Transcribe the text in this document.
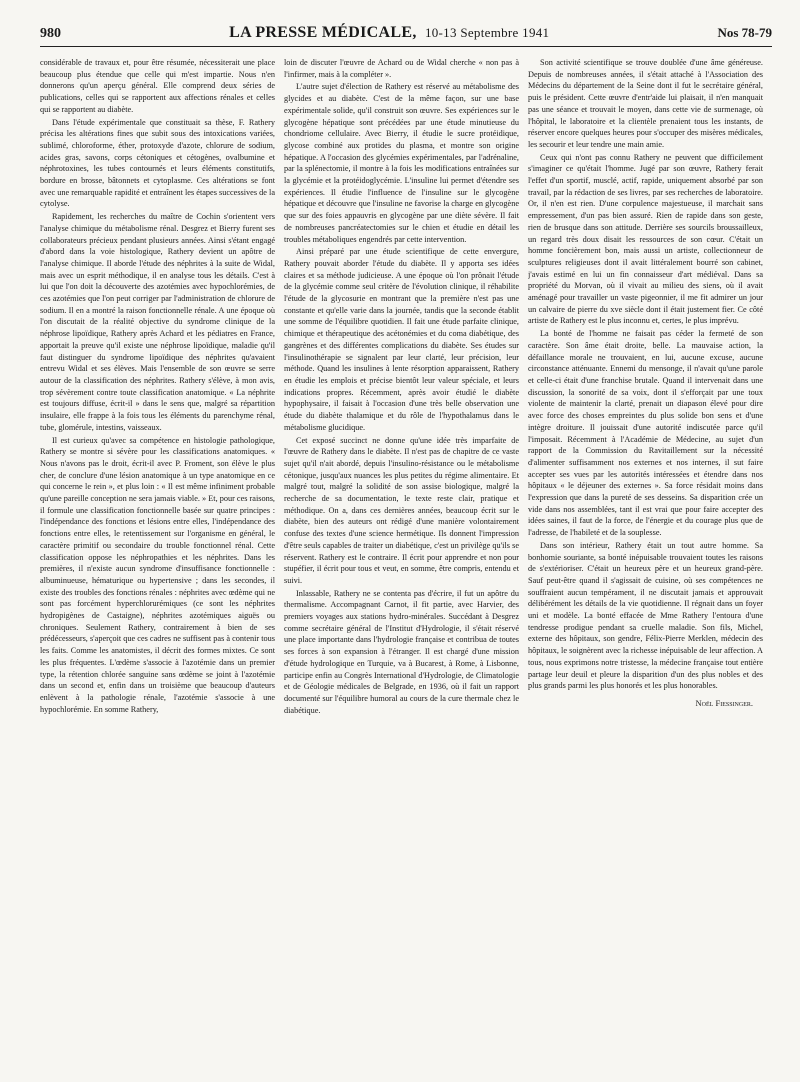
980	LA PRESSE MÉDICALE, 10-13 Septembre 1941	Nos 78-79

considérable de travaux et, pour être résumée, nécessiterait une place beaucoup plus étendue que celle qui m'est impartie. Nous n'en donnerons qu'un aperçu général. Elle comprend deux séries de publications, celles qui se rapportent aux affections rénales et celles qui se rapportent au diabète.

Dans l'étude expérimentale que constituait sa thèse, F. Rathery précisa les altérations fines que subit sous des intoxications variées, sublimé, chloroforme, éther, protoxyde d'azote, chlorure de sodium, acides gras, savons, corps cétoniques et cétogènes, ovalbumine et néphrotoxines, les tubes contournés et leurs éléments constitutifs, bordure en brosse, bâtonnets et cytoplasme. Ces altérations se font avec une remarquable rapidité et entraînent les étapes successives de la cytolyse.

Rapidement, les recherches du maître de Cochin s'orientent vers l'analyse chimique du métabolisme rénal. Desgrez et Bierry furent ses collaborateurs précieux pendant plusieurs années. Ainsi s'étant engagé d'abord dans la voie histologique, Rathery devient un apôtre de l'analyse chimique. Il aborde l'étude des néphrites à la suite de Widal, mais avec un esprit méthodique, il en analyse tous les détails. C'est à lui que l'on doit la découverte des azotémies avec hypochlorémies, de ces azotémies que l'on peut corriger par l'administration de chlorure de sodium. Il en a montré la raison fonctionnelle rénale. A une époque où l'on discutait de la réalité objective du syndrome clinique de la néphrose lipoïdique, Rathery après Achard et les pédiatres en France, apportait la preuve qu'il existe une néphrose lipoïdique, maladie qu'il faut distinguer du syndrome lipoïdique des néphrites qu'avaient entrevu Widal et ses élèves. Mais l'ensemble de son œuvre se serre autour de la classification des néphrites. Rathery s'élève, à mon avis, trop sévèrement contre toute classification anatomique. « La néphrite est toujours diffuse, écrit-il » dans le sens que, malgré sa répartition insulaire, elle frappe à la fois tous les éléments du parenchyme rénal, tube, glomérule, intestins, vaisseaux.

Il est curieux qu'avec sa compétence en histologie pathologique, Rathery se montre si sévère pour les classifications anatomiques. « Nous n'avons pas le droit, écrit-il avec P. Froment, son élève le plus cher, de conclure d'une lésion anatomique à un type anatomique en ce qui concerne le rein », et plus loin : « Il est même infiniment probable qu'une pareille conception ne sera jamais viable. » Et, pour ces raisons, il formule une classification fonctionnelle basée sur quatre principes : l'indépendance des fonctions et lésions entre elles, l'indépendance des fonctions entre elles, le retentissement sur l'organisme en général, le caractère primitif ou secondaire du trouble fonctionnel rénal. Cette classification oppose les néphropathies et les néphrites. Dans les premières, il n'existe aucun syndrome d'insuffisance fonctionnelle : albuminueuse, hématurique ou hypertensive ; dans les secondes, il existe des troubles des fonctions rénales : néphrites avec œdème qui ne sont pas forcément hyperchlorurémiques (ce sont les néphrites hydropigènes de Castaigne), néphrites azotémiques aiguës ou chroniques. Seulement Rathery, contrairement à bien de ses prédécesseurs, s'aperçoit que ces cadres ne suffisent pas à contenir tous les faits. Comme les anatomistes, il décrit des formes mixtes. Ce sont les plus fréquentes. L'œdème s'associe à l'azotémie dans un premier type, la rétention chlorée sanguine sans œdème se joint à l'azotémie dans un second et, enfin dans un troisième que beaucoup d'auteurs enlèvent à la pathologie rénale, l'azotémie s'associe à une hypochlorémie. En somme Rathery,

loin de discuter l'œuvre de Achard ou de Widal cherche « non pas à l'infirmer, mais à la compléter ».

L'autre sujet d'élection de Rathery est réservé au métabolisme des glycides et au diabète. C'est de la même façon, sur une base expérimentale solide, qu'il construit son œuvre. Ses expériences sur le glycogène hépatique sont précédées par une étude minutieuse du chondriome cellulaire. Avec Bierry, il étudie le sucre protéidique, glycose combiné aux protides du plasma, et montre son origine hépatique. A l'occasion des glycémies expérimentales, par l'adrénaline, par la splénectomie, il montre à la fois les modifications entraînées sur la glycémie et la protéidoglycémie. L'insuline lui permet d'étendre ses expériences. Il étudie l'influence de l'insuline sur le glycogène hépatique et découvre que l'insuline ne favorise la charge en glycogène que sur des foies appauvris en glycogène par une diète sévère. Il fait de nombreuses pancréatectomies sur le chien et étudie en détail les troubles métaboliques engendrés par cette intervention.

Ainsi préparé par une étude scientifique de cette envergure, Rathery pouvait aborder l'étude du diabète. Il y apporta ses idées claires et sa méthode judicieuse. A une époque où l'on prônait l'étude de la glycémie comme seul critère de l'évolution clinique, il réhabilite l'étude de la glycosurie en montrant que la première n'est pas une constante et qu'elle varie dans la journée, tandis que la seconde établit une somme de l'équilibre quotidien. Il fait une étude parfaite clinique, chimique et thérapeutique des acétonémies et du coma diabétique, des gangrènes et des différentes complications du diabète. Ses études sur l'insulinothérapie se signalent par leur clarté, leur précision, leur méthode. Quand les insulines à lente résorption apparaissent, Rathery en étudie les emplois et précise bientôt leur valeur spéciale, et leurs indications propres. Récemment, après avoir étudié le diabète hypophysaire, il faisait à l'occasion d'une très belle observation une étude du diabète thalamique et du rôle de l'hypothalamus dans le métabolisme glucidique.

Cet exposé succinct ne donne qu'une idée très imparfaite de l'œuvre de Rathery dans le diabète. Il n'est pas de chapitre de ce vaste sujet qu'il n'ait abordé, depuis l'insulino-résistance ou le métabolisme cétonique, jusqu'aux nuances les plus petites du régime alimentaire. Et malgré tout, malgré la solidité de son assise biologique, malgré la recherche de sa documentation, le texte reste clair, pratique et méthodique. On a, dans ces dernières années, beaucoup écrit sur le diabète, bien des auteurs ont rédigé d'une manière volontairement confuse des textes d'une science hermétique. Ils donnent l'impression d'être seuls capables de traiter un diabétique, c'est un privilège qu'ils se réservent. Rathery est le contraire. Il écrit pour apprendre et non pour stupéfier, il écrit pour tous et veut, en somme, être compris, entendu et suivi.

Inlassable, Rathery ne se contenta pas d'écrire, il fut un apôtre du thermalisme. Accompagnant Carnot, il fit partie, avec Harvier, des premiers voyages aux stations hydro-minérales. Succédant à Desgrez comme secrétaire général de l'Institut d'Hydrologie, il s'était réservé une place importante dans l'hydrologie française et contribua de toutes ses forces à son expansion à l'étranger. Il est chargé d'une mission d'étude hydrologique en Turquie, va à Bucarest, à Rome, à Lisbonne, participe enfin au Congrès International d'Hydrologie, de Climatologie et de Géologie médicales de Belgrade, en 1936, où il fait un rapport documenté sur l'équilibre humoral au cours de la cure thermale chez le diabétique.

Son activité scientifique se trouve doublée d'une âme généreuse. Depuis de nombreuses années, il s'était attaché à l'Association des Médecins du département de la Seine dont il fut le secrétaire général, puis le président. Cette œuvre d'entr'aide lui plaisait, il n'en manquait pas une séance et trouvait le moyen, dans cette vie de surmenage, où l'hôpital, le laboratoire et la clientèle prenaient tous les instants, de réserver encore quelques heures pour s'occuper des misères médicales, les secourir et leur tendre une main amie.

Ceux qui n'ont pas connu Rathery ne peuvent que difficilement s'imaginer ce qu'était l'homme. Jugé par son œuvre, Rathery ferait l'effet d'un sportif, musclé, actif, rapide, uniquement absorbé par son travail, par la rédaction de ses livres, par ses recherches de laboratoire. Or, il n'en est rien. D'une corpulence majestueuse, il marchait sans empressement, d'un pas bien assuré. Rien de rapide dans son geste, rien de brusque dans son attitude. Derrière ses sourcils broussailleux, un regard très doux disait les ressources de son cœur. C'était un homme foncièrement bon, mais aussi un artiste, collectionneur de sculptures religieuses dont il avait littéralement bourré son cabinet, j'avais estimé en lui un fin connaisseur d'art médiéval. Dans sa propriété du Morvan, où il vivait au milieu des siens, où il avait aménagé pour travailler un vaste pigeonnier, il me fit admirer un jour un calvaire de pierre du xve siècle dont il était justement fier. Ce côté artiste de Rathery est le plus inconnu et, certes, le plus imprévu.

La bonté de l'homme ne faisait pas céder la fermeté de son caractère. Son âme était droite, belle. La mauvaise action, la défaillance morale ne trouvaient, en lui, aucune excuse, aucune circonstance atténuante. Ennemi du mensonge, il n'avait qu'une parole et celle-ci était d'une franchise brutale. Quand il intervenait dans une discussion, la sonorité de sa voix, dont il s'efforçait par une toux violente de maintenir la clarté, prenait un diapason élevé pour dire avec force des choses empreintes du plus solide bon sens et d'une intègre droiture. Il jouissait d'une autorité indiscutée parce qu'il l'imposait. Récemment à l'Académie de Médecine, au sujet d'un rapport de la Commission du Ravitaillement sur la nécessité d'alimenter suffisamment nos externes et nos internes, il sut faire accepter ses vues par les autorités intéressées et étendre dans nos hôpitaux « le déjeuner des externes ». Sa force résidait moins dans l'expression que dans la pureté de ses desseins. Sa disparition crée un vide dans nos assemblées, tant il est vrai que pour faire accepter des idées saines, il faut de la force, de l'énergie et du courage plus que de l'adresse, de l'habileté et de la souplesse.

Dans son intérieur, Rathery était un tout autre homme. Sa bonhomie souriante, sa bonté inépuisable trouvaient toutes les raisons de s'extérioriser. C'était un heureux père et un heureux grand-père. Sauf peut-être quand il s'agissait de cuisine, où ses compétences ne souffraient aucun tempérament, il ne discutait jamais et approuvait délibérément les détails de la vie quotidienne. Il régnait dans un foyer uni et modèle. La bonté effacée de Mme Rathery l'entoura d'une tendresse prodigue pendant sa cruelle maladie. Son fils, Michel, externe des hôpitaux, son gendre, Félix-Pierre Merklen, médecin des hôpitaux, le soignèrent avec la richesse inépuisable de leur affection. A tous, nous exprimons notre tristesse, la médecine française tout entière partage leur deuil et pleure la disparition d'un des plus nobles et des plus grands parmi les plus honorés et les plus honorables.

Noël Fiessinger.
